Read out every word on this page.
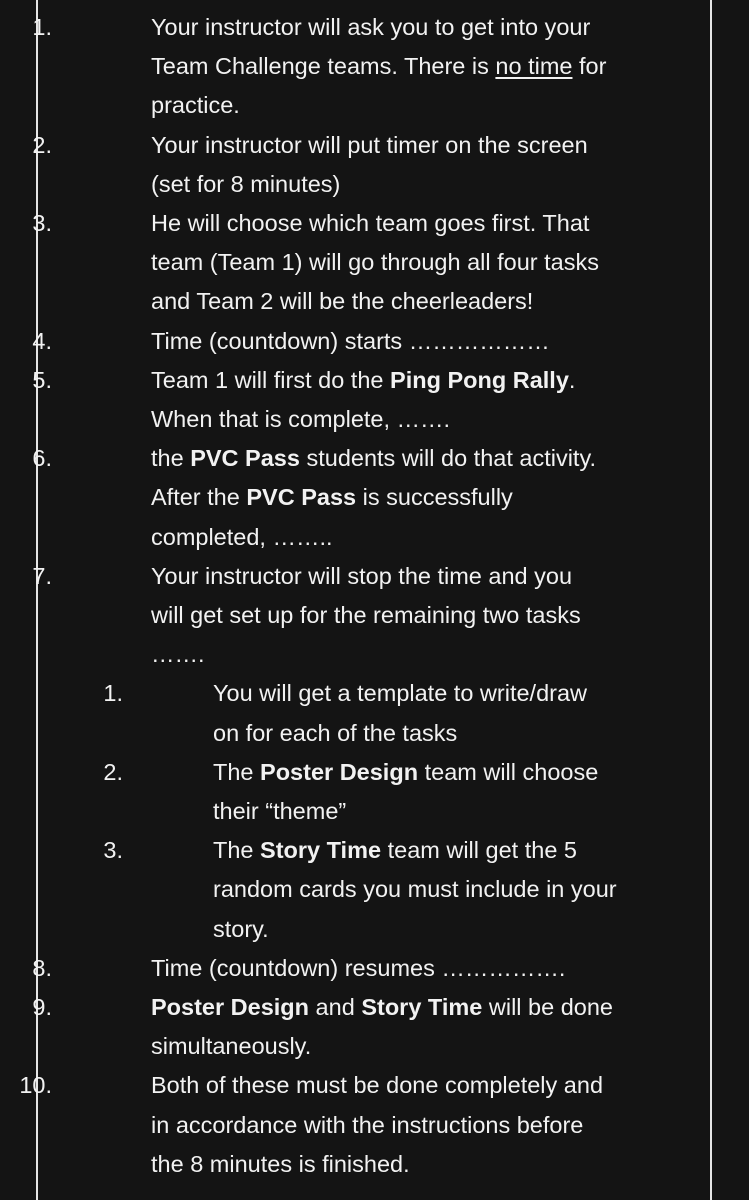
1.	Your instructor will ask you to get into your
Team Challenge teams. There is no time for
practice.
2.	Your instructor will put timer on the screen
(set for 8 minutes)
3.	He will choose which team goes first. That
team (Team 1) will go through all four tasks
and Team 2 will be the cheerleaders!
4.	Time (countdown) starts ………………
5.	Team 1 will first do the Ping Pong Rally.
When that is complete, …….
6.	the PVC Pass students will do that activity.
After the PVC Pass is successfully
completed, ……..
7.	Your instructor will stop the time and you
will get set up for the remaining two tasks
…….
1.	You will get a template to write/draw
on for each of the tasks
2.	The Poster Design team will choose
their “theme”
3.	The Story Time team will get the 5
random cards you must include in your
story.
8.	Time (countdown) resumes …………….
9.	Poster Design and Story Time will be done
simultaneously.
10.	Both of these must be done completely and
in accordance with the instructions before
the 8 minutes is finished.
